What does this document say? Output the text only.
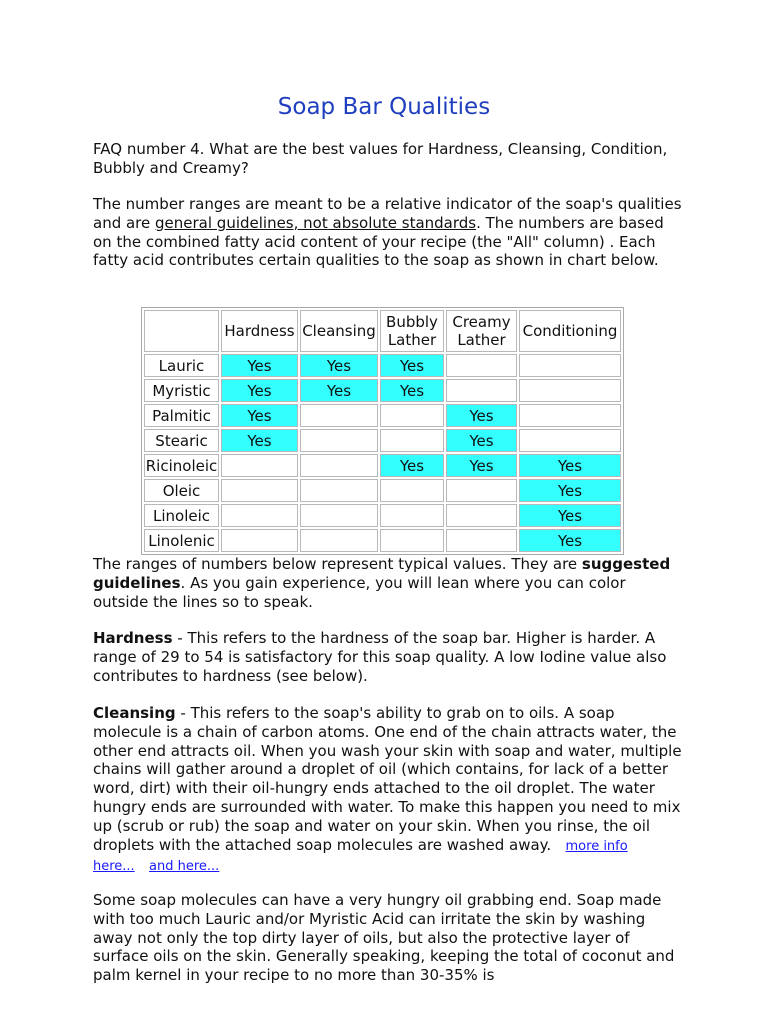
Soap Bar Qualities

FAQ number 4. What are the best values for Hardness, Cleansing, Condition, Bubbly and Creamy?

The number ranges are meant to be a relative indicator of the soap's qualities and are general guidelines, not absolute standards. The numbers are based on the combined fatty acid content of your recipe (the "All" column) . Each fatty acid contributes certain qualities to the soap as shown in chart below.

	Hardness	Cleansing	Bubbly Lather	Creamy Lather	Conditioning
Lauric	Yes	Yes	Yes		
Myristic	Yes	Yes	Yes		
Palmitic	Yes			Yes	
Stearic	Yes			Yes	
Ricinoleic			Yes	Yes	Yes
Oleic					Yes
Linoleic					Yes
Linolenic					Yes

The ranges of numbers below represent typical values. They are suggested guidelines. As you gain experience, you will lean where you can color outside the lines so to speak.

Hardness - This refers to the hardness of the soap bar. Higher is harder. A range of 29 to 54 is satisfactory for this soap quality. A low Iodine value also contributes to hardness (see below).

Cleansing - This refers to the soap's ability to grab on to oils. A soap molecule is a chain of carbon atoms. One end of the chain attracts water, the other end attracts oil. When you wash your skin with soap and water, multiple chains will gather around a droplet of oil (which contains, for lack of a better word, dirt) with their oil-hungry ends attached to the oil droplet. The water hungry ends are surrounded with water. To make this happen you need to mix up (scrub or rub) the soap and water on your skin. When you rinse, the oil droplets with the attached soap molecules are washed away. more info here... and here...

Some soap molecules can have a very hungry oil grabbing end. Soap made with too much Lauric and/or Myristic Acid can irritate the skin by washing away not only the top dirty layer of oils, but also the protective layer of surface oils on the skin. Generally speaking, keeping the total of coconut and palm kernel in your recipe to no more than 30-35% is
